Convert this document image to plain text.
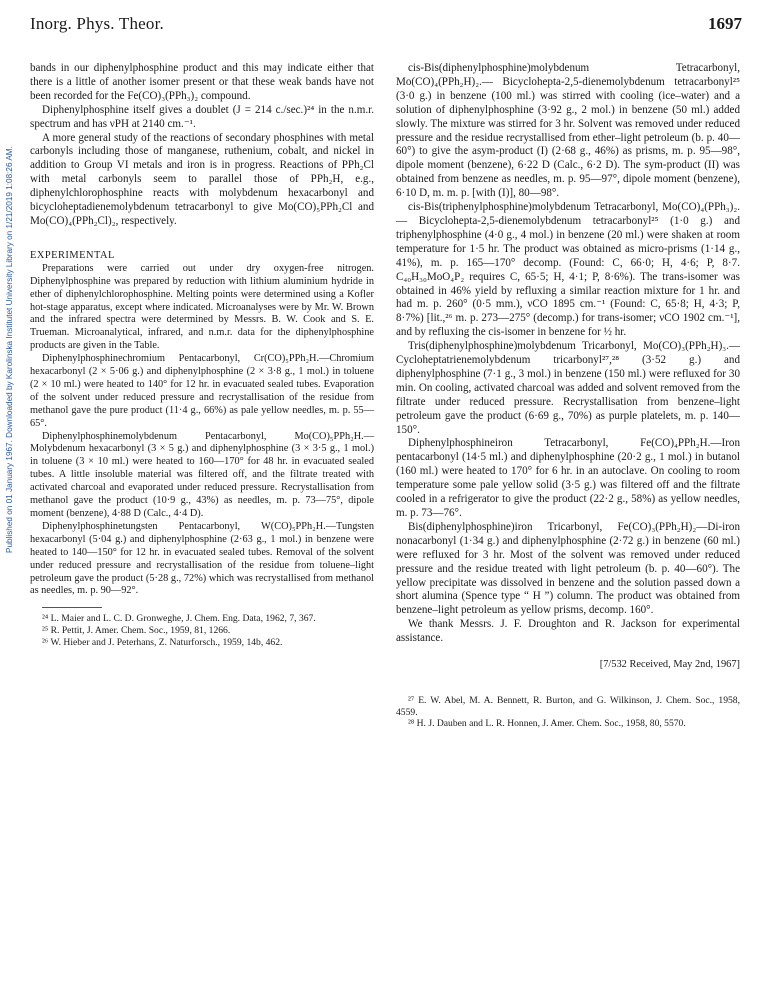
Published on 01 January 1967. Downloaded by Karolinska Institutet University Library on 1/21/2019 1:08:26 AM.
Inorg. Phys. Theor.	1697

bands in our diphenylphosphine product and this may indicate either that there is a little of another isomer present or that these weak bands have not been recorded for the Fe(CO)₃(PPh₃)₂ compound.

Diphenylphosphine itself gives a doublet (J = 214 c./sec.)²⁴ in the n.m.r. spectrum and has νPH at 2140 cm.⁻¹.

A more general study of the reactions of secondary phosphines with metal carbonyls including those of manganese, ruthenium, cobalt, and nickel in addition to Group VI metals and iron is in progress. Reactions of PPh₂Cl with metal carbonyls seem to parallel those of PPh₂H, e.g., diphenylchlorophosphine reacts with molybdenum hexacarbonyl and bicycloheptadienemolybdenum tetracarbonyl to give Mo(CO)₅PPh₂Cl and Mo(CO)₄(PPh₂Cl)₂, respectively.

EXPERIMENTAL

Preparations were carried out under dry oxygen-free nitrogen. Diphenylphosphine was prepared by reduction with lithium aluminium hydride in ether of diphenylchlorophosphine. Melting points were determined using a Kofler hot-stage apparatus, except where indicated. Microanalyses were by Mr. W. Brown and the infrared spectra were determined by Messrs. B. W. Cook and S. E. Trueman. Microanalytical, infrared, and n.m.r. data for the diphenylphosphine products are given in the Table.

Diphenylphosphinechromium Pentacarbonyl, Cr(CO)₅PPh₂H.—Chromium hexacarbonyl (2 × 5·06 g.) and diphenylphosphine (2 × 3·8 g., 1 mol.) in toluene (2 × 10 ml.) were heated to 140° for 12 hr. in evacuated sealed tubes. Evaporation of the solvent under reduced pressure and recrystallisation of the residue from methanol gave the pure product (11·4 g., 66%) as pale yellow needles, m. p. 55—65°.

Diphenylphosphinemolybdenum Pentacarbonyl, Mo(CO)₅PPh₂H.—Molybdenum hexacarbonyl (3 × 5 g.) and diphenylphosphine (3 × 3·5 g., 1 mol.) in toluene (3 × 10 ml.) were heated to 160—170° for 48 hr. in evacuated sealed tubes. A little insoluble material was filtered off, and the filtrate treated with activated charcoal and evaporated under reduced pressure. Recrystallisation from methanol gave the product (10·9 g., 43%) as needles, m. p. 73—75°, dipole moment (benzene), 4·88 D (Calc., 4·4 D).

Diphenylphosphinetungsten Pentacarbonyl, W(CO)₅PPh₂H.—Tungsten hexacarbonyl (5·04 g.) and diphenylphosphine (2·63 g., 1 mol.) in benzene were heated to 140—150° for 12 hr. in evacuated sealed tubes. Removal of the solvent under reduced pressure and recrystallisation of the residue from toluene–light petroleum gave the product (5·28 g., 72%) which was recrystallised from methanol as needles, m. p. 90—92°.

²⁴ L. Maier and L. C. D. Gronweghe, J. Chem. Eng. Data, 1962, 7, 367.

²⁵ R. Pettit, J. Amer. Chem. Soc., 1959, 81, 1266.

²⁶ W. Hieber and J. Peterhans, Z. Naturforsch., 1959, 14b, 462.

cis-Bis(diphenylphosphine)molybdenum Tetracarbonyl, Mo(CO)₄(PPh₂H)₂.— Bicyclohepta-2,5-dienemolybdenum tetracarbonyl²⁵ (3·0 g.) in benzene (100 ml.) was stirred with cooling (ice–water) and a solution of diphenylphosphine (3·92 g., 2 mol.) in benzene (50 ml.) added slowly. The mixture was stirred for 3 hr. Solvent was removed under reduced pressure and the residue recrystallised from ether–light petroleum (b. p. 40—60°) to give the asym-product (I) (2·68 g., 46%) as prisms, m. p. 95—98°, dipole moment (benzene), 6·22 D (Calc., 6·2 D). The sym-product (II) was obtained from benzene as needles, m. p. 95—97°, dipole moment (benzene), 6·10 D, m. m. p. [with (I)], 80—98°.

cis-Bis(triphenylphosphine)molybdenum Tetracarbonyl, Mo(CO)₄(PPh₃)₂.— Bicyclohepta-2,5-dienemolybdenum tetracarbonyl²⁵ (1·0 g.) and triphenylphosphine (4·0 g., 4 mol.) in benzene (20 ml.) were shaken at room temperature for 1·5 hr. The product was obtained as micro-prisms (1·14 g., 41%), m. p. 165—170° decomp. (Found: C, 66·0; H, 4·6; P, 8·7. C₄₀H₃₀MoO₄P₂ requires C, 65·5; H, 4·1; P, 8·6%). The trans-isomer was obtained in 46% yield by refluxing a similar reaction mixture for 1 hr. and had m. p. 260° (0·5 mm.), νCO 1895 cm.⁻¹ (Found: C, 65·8; H, 4·3; P, 8·7%) [lit.,²⁶ m. p. 273—275° (decomp.) for trans-isomer; νCO 1902 cm.⁻¹], and by refluxing the cis-isomer in benzene for ½ hr.

Tris(diphenylphosphine)molybdenum Tricarbonyl, Mo(CO)₃(PPh₂H)₃.— Cycloheptatrienemolybdenum tricarbonyl²⁷,²⁸ (3·52 g.) and diphenylphosphine (7·1 g., 3 mol.) in benzene (150 ml.) were refluxed for 30 min. On cooling, activated charcoal was added and solvent removed from the filtrate under reduced pressure. Recrystallisation from benzene–light petroleum gave the product (6·69 g., 70%) as purple platelets, m. p. 140—150°.

Diphenylphosphineiron Tetracarbonyl, Fe(CO)₄PPh₂H.—Iron pentacarbonyl (14·5 ml.) and diphenylphosphine (20·2 g., 1 mol.) in butanol (160 ml.) were heated to 170° for 6 hr. in an autoclave. On cooling to room temperature some pale yellow solid (3·5 g.) was filtered off and the filtrate cooled in a refrigerator to give the product (22·2 g., 58%) as yellow needles, m. p. 73—76°.

Bis(diphenylphosphine)iron Tricarbonyl, Fe(CO)₃(PPh₂H)₂—Di-iron nonacarbonyl (1·34 g.) and diphenylphosphine (2·72 g.) in benzene (60 ml.) were refluxed for 3 hr. Most of the solvent was removed under reduced pressure and the residue treated with light petroleum (b. p. 40—60°). The yellow precipitate was dissolved in benzene and the solution passed down a short alumina (Spence type “ H ”) column. The product was obtained from benzene–light petroleum as yellow prisms, decomp. 160°.

We thank Messrs. J. F. Droughton and R. Jackson for experimental assistance.

[7/532 Received, May 2nd, 1967]

²⁷ E. W. Abel, M. A. Bennett, R. Burton, and G. Wilkinson, J. Chem. Soc., 1958, 4559.

²⁸ H. J. Dauben and L. R. Honnen, J. Amer. Chem. Soc., 1958, 80, 5570.
